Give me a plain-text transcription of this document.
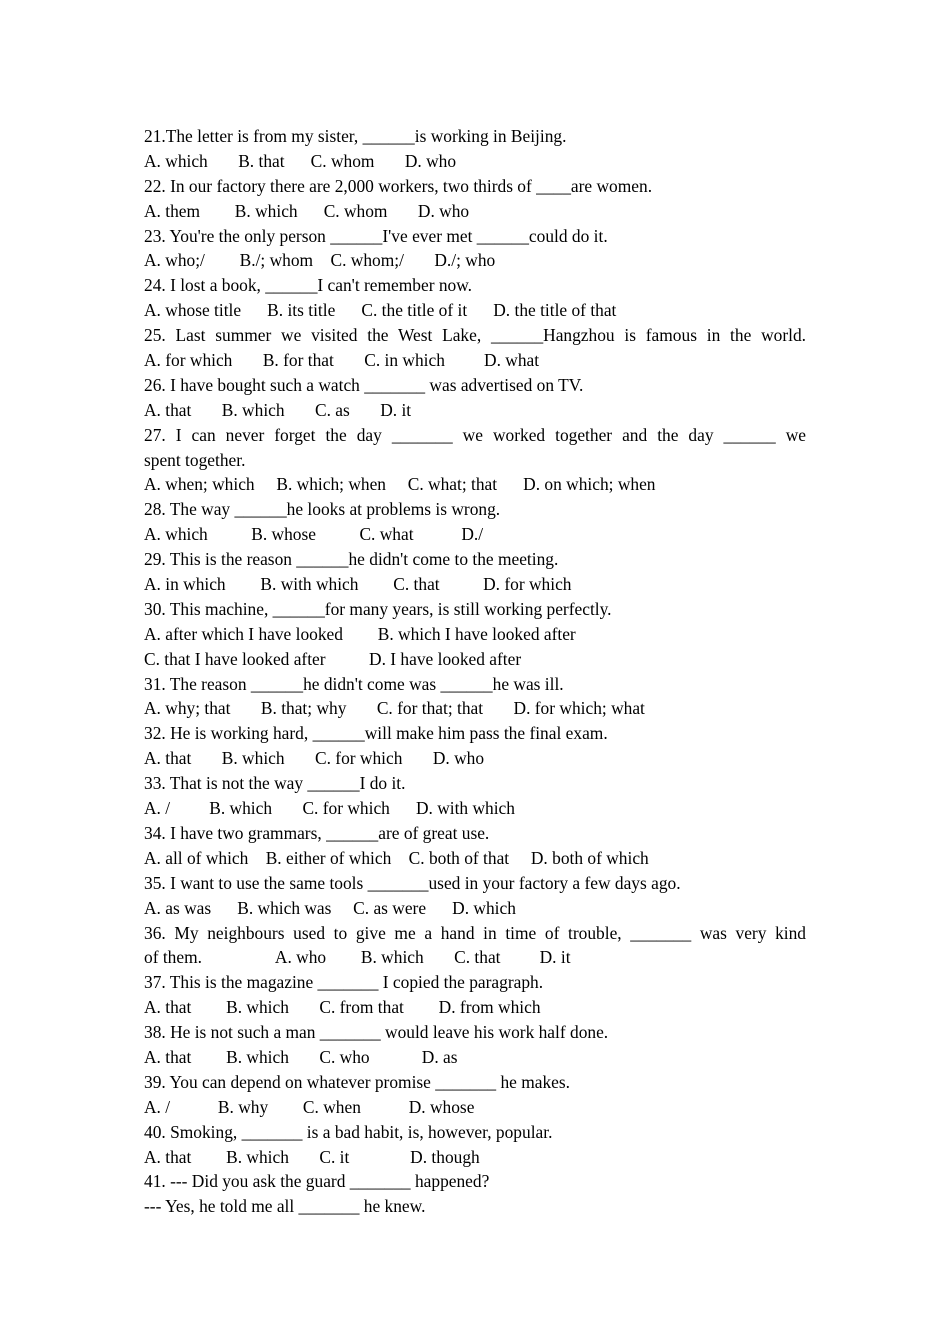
21.The letter is from my sister, ______is working in Beijing.
A. which       B. that      C. whom       D. who
22. In our factory there are 2,000 workers, two thirds of ____are women.
A. them        B. which      C. whom       D. who
23. You're the only person ______I've ever met ______could do it.
A. who;/        B./; whom    C. whom;/       D./; who
24. I lost a book, ______I can't remember now.
A. whose title      B. its title      C. the title of it      D. the title of that
25. Last summer we visited the West Lake, ______Hangzhou is famous in the world.
A. for which       B. for that       C. in which         D. what
26. I have bought such a watch _______ was advertised on TV.
A. that       B. which       C. as       D. it
27. I can never forget the day _______ we worked together and the day ______ we
spent together.
A. when; which     B. which; when     C. what; that      D. on which; when
28. The way ______he looks at problems is wrong.
A. which          B. whose          C. what           D./
29. This is the reason ______he didn't come to the meeting.
A. in which        B. with which        C. that          D. for which
30. This machine, ______for many years, is still working perfectly.
A. after which I have looked        B. which I have looked after
C. that I have looked after          D. I have looked after
31. The reason ______he didn't come was ______he was ill.
A. why; that       B. that; why       C. for that; that       D. for which; what
32. He is working hard, ______will make him pass the final exam.
A. that       B. which       C. for which       D. who
33. That is not the way ______I do it.
A. /         B. which       C. for which      D. with which
34. I have two grammars, ______are of great use.
A. all of which    B. either of which    C. both of that     D. both of which
35. I want to use the same tools _______used in your factory a few days ago.
A. as was      B. which was     C. as were      D. which
36. My neighbours used to give me a hand in time of trouble, _______ was very kind
of them.                 A. who        B. which       C. that         D. it
37. This is the magazine _______ I copied the paragraph.
A. that        B. which       C. from that        D. from which
38. He is not such a man _______ would leave his work half done.
A. that        B. which       C. who            D. as
39. You can depend on whatever promise _______ he makes.
A. /           B. why        C. when           D. whose
40. Smoking, _______ is a bad habit, is, however, popular.
A. that        B. which       C. it              D. though
41. --- Did you ask the guard _______ happened?
--- Yes, he told me all _______ he knew.
